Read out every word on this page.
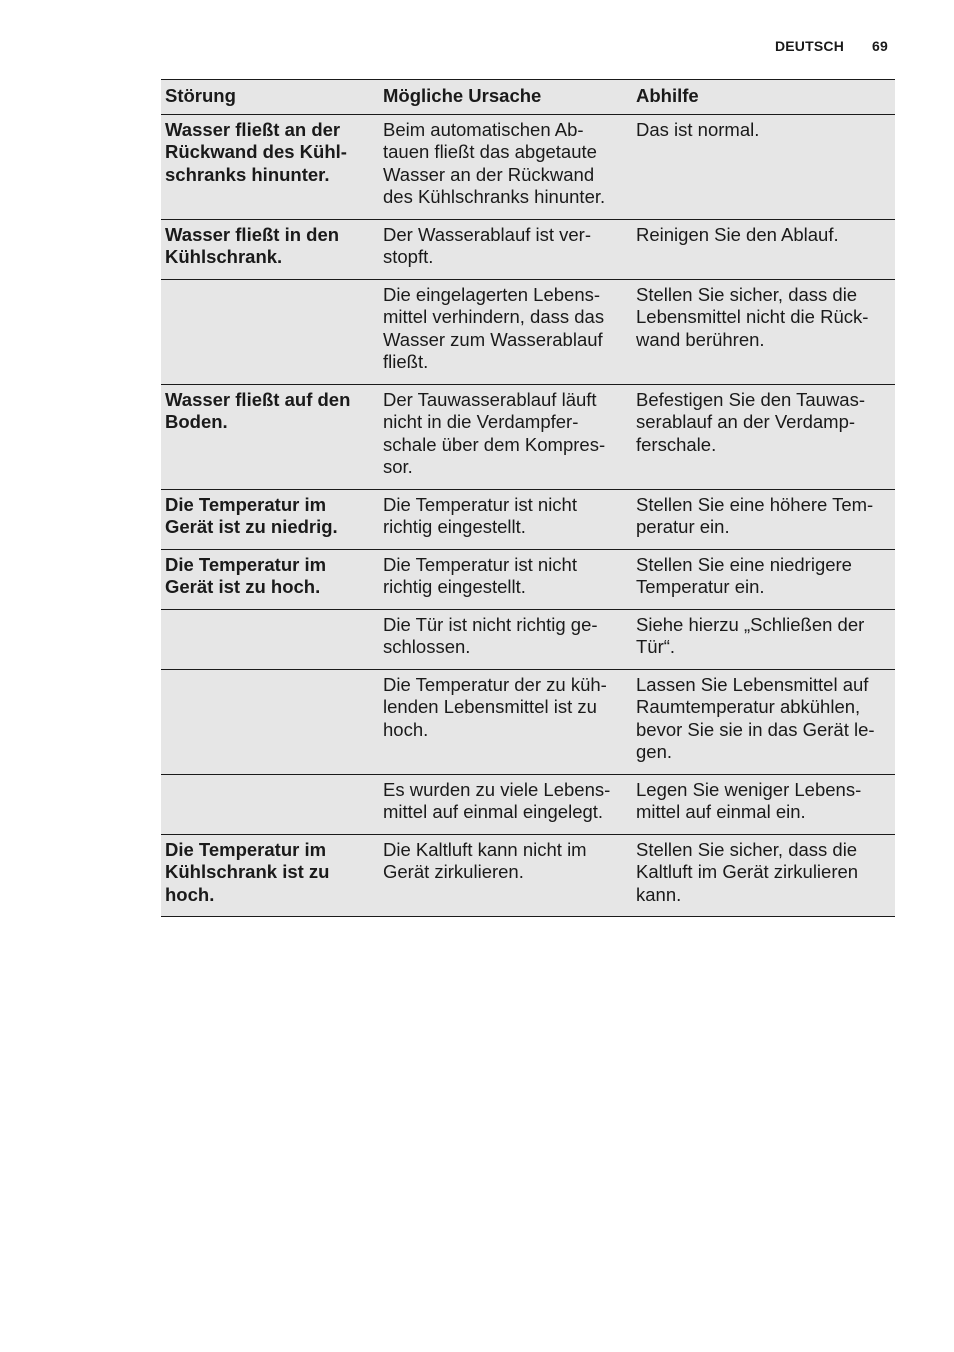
DEUTSCH 69
Störung	Mögliche Ursache	Abhilfe
Wasser fließt an der Rückwand des Kühl-schranks hinunter.	Beim automatischen Ab-tauen fließt das abgetaute Wasser an der Rückwand des Kühlschranks hinunter.	Das ist normal.
Wasser fließt in den Kühlschrank.	Der Wasserablauf ist ver-stopft.	Reinigen Sie den Ablauf.
	Die eingelagerten Lebens-mittel verhindern, dass das Wasser zum Wasserablauf fließt.	Stellen Sie sicher, dass die Lebensmittel nicht die Rück-wand berühren.
Wasser fließt auf den Boden.	Der Tauwasserablauf läuft nicht in die Verdampfer-schale über dem Kompres-sor.	Befestigen Sie den Tauwas-serablauf an der Verdamp-ferschale.
Die Temperatur im Gerät ist zu niedrig.	Die Temperatur ist nicht richtig eingestellt.	Stellen Sie eine höhere Tem-peratur ein.
Die Temperatur im Gerät ist zu hoch.	Die Temperatur ist nicht richtig eingestellt.	Stellen Sie eine niedrigere Temperatur ein.
	Die Tür ist nicht richtig ge-schlossen.	Siehe hierzu „Schließen der Tür“.
	Die Temperatur der zu küh-lenden Lebensmittel ist zu hoch.	Lassen Sie Lebensmittel auf Raumtemperatur abkühlen, bevor Sie sie in das Gerät le-gen.
	Es wurden zu viele Lebens-mittel auf einmal eingelegt.	Legen Sie weniger Lebens-mittel auf einmal ein.
Die Temperatur im Kühlschrank ist zu hoch.	Die Kaltluft kann nicht im Gerät zirkulieren.	Stellen Sie sicher, dass die Kaltluft im Gerät zirkulieren kann.
